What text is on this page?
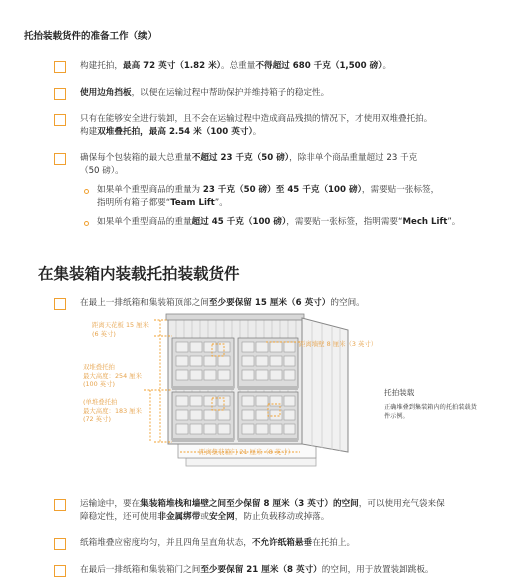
托抬装载货件的准备工作（续）
构建托拍，最高 72 英寸（1.82 米）。总重量不得超过 680 千克（1,500 磅）。
使用边角挡板，以便在运输过程中帮助保护并维持箱子的稳定性。
只有在能够安全进行装卸，且不会在运输过程中造成商品残损的情况下，才使用双堆叠托拍。
构建双堆叠托拍，最高 2.54 米（100 英寸）。
确保每个包装箱的最大总重量不超过 23 千克（50 磅），除非单个商品重量超过 23 千克
（50 磅）。
如果单个重型商品的重量为 23 千克（50 磅）至 45 千克（100 磅），需要贴一张标签，
指明所有箱子都要“Team Lift”。
如果单个重型商品的重量超过 45 千克（100 磅），需要贴一张标签，指明需要“Mech Lift”。
在集装箱内装载托拍装载货件
在最上一排纸箱和集装箱顶部之间至少要保留 15 厘米（6 英寸）的空间。
距离天花板 15 厘米
(6 英寸)
距离墙壁 8 厘米（3 英寸）
双堆叠托拍
最大高度：254 厘米
(100 英寸)
(单堆叠托拍
最大高度：183 厘米
(72 英寸)
距离集装箱门 21 厘米（8 英寸）
托拍装载
正确堆叠到集装箱内的托拍装载货
件示例。
运输途中，要在集装箱堆栈和墙壁之间至少保留 8 厘米（3 英寸）的空间，可以使用充气袋来保
障稳定性，还可使用非金属绑带或安全网，防止负载移动或掉落。
纸箱堆叠应密度均匀，并且四角呈直角状态，不允许纸箱悬垂在托拍上。
在最后一排纸箱和集装箱门之间至少要保留 21 厘米（8 英寸）的空间，用于放置装卸跳板。
